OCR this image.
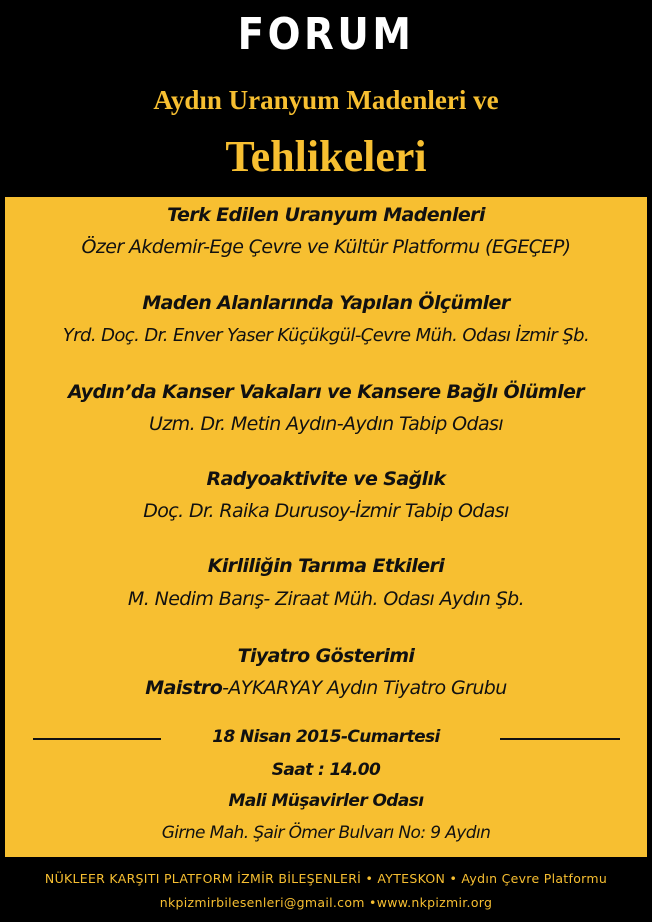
FORUM
Aydın Uranyum Madenleri ve
Tehlikeleri
Terk Edilen Uranyum Madenleri
Özer Akdemir-Ege Çevre ve Kültür Platformu (EGEÇEP)
Maden Alanlarında Yapılan Ölçümler
Yrd. Doç. Dr. Enver Yaser Küçükgül-Çevre Müh. Odası İzmir Şb.
Aydın’da Kanser Vakaları ve Kansere Bağlı Ölümler
Uzm. Dr. Metin Aydın-Aydın Tabip Odası
Radyoaktivite ve Sağlık
Doç. Dr. Raika Durusoy-İzmir Tabip Odası
Kirliliğin Tarıma Etkileri
M. Nedim Barış- Ziraat Müh. Odası Aydın Şb.
Tiyatro Gösterimi
Maistro-AYKARYAY Aydın Tiyatro Grubu
18 Nisan 2015-Cumartesi
Saat : 14.00
Mali Müşavirler Odası
Girne Mah. Şair Ömer Bulvarı No: 9 Aydın
NÜKLEER KARŞITI PLATFORM İZMİR BİLEŞENLERİ • AYTESKON • Aydın Çevre Platformu
nkpizmirbilesenleri@gmail.com •www.nkpizmir.org
